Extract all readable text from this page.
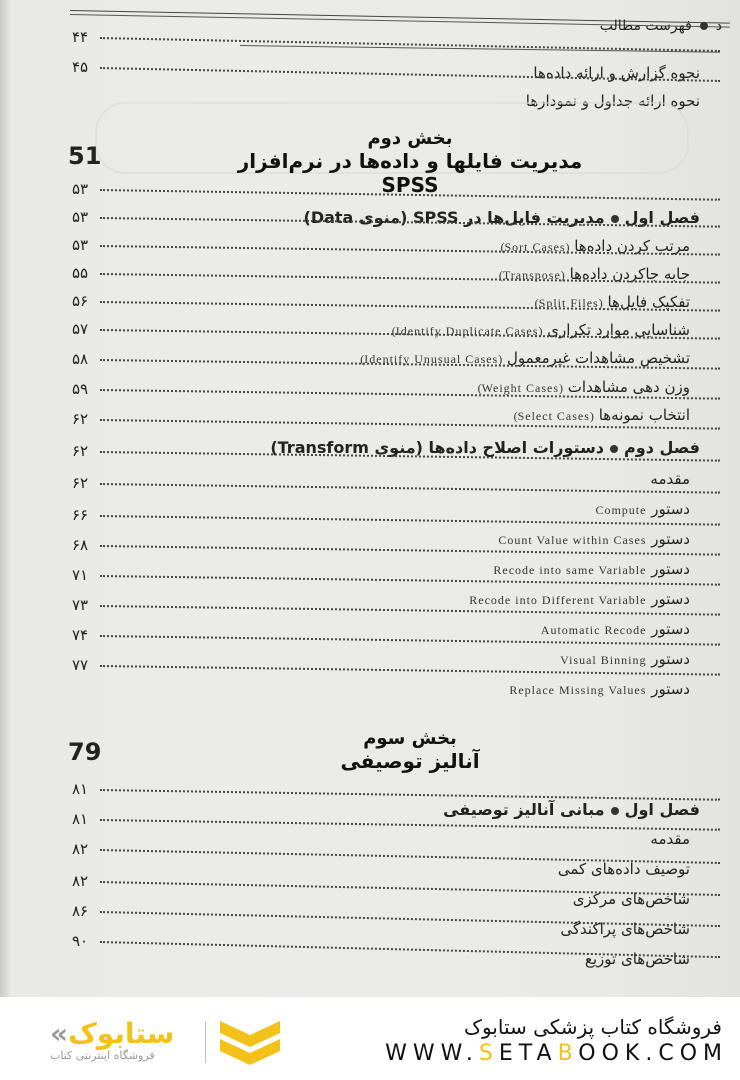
د
فهرست مطالب
۴۴
نحوه گزارش و ارائه داده‌ها
۴۵
نحوه ارائه جداول و نمودارها
51
بخش دوم
مدیریت فایلها و داده‌ها در نرم‌افزار SPSS
۵۳
فصل اولمدیریت فایل‌ها در SPSS (منوی Data)
۵۳
مرتب کردن داده‌ها (Sort Cases)
۵۳
جابه جاکردن داده‌ها (Transpose)
۵۵
تفکیک فایل‌ها (Split Files)
۵۶
شناسایی موارد تکراری (Identify Duplicate Cases)
۵۷
تشخیص مشاهدات غیرمعمول (Identify Unusual Cases)
۵۸
وزن دهی مشاهدات (Weight Cases)
۵۹
انتخاب نمونه‌ها (Select Cases)
۶۲
فصل دومدستورات اصلاح داده‌ها (منوی Transform)
۶۲
مقدمه
۶۲
دستور Compute
۶۶
دستور Count Value within Cases
۶۸
دستور Recode into same Variable
۷۱
دستور Recode into Different Variable
۷۳
دستور Automatic Recode
۷۴
دستور Visual Binning
۷۷
دستور Replace Missing Values
79	بخش سوم
آنالیز توصیفی
۸۱
فصل اولمبانی آنالیز توصیفی
۸۱
مقدمه
۸۲
توصیف داده‌های کمی
۸۲
شاخص‌های مرکزی
۸۶
شاخص‌های پراکندگی
۹۰
شاخص‌های توزیع
«ستابوک
فروشگاه اینترنتی کتاب
فروشگاه کتاب پزشکی ستابوک
WWW.SETABOOK.COM
